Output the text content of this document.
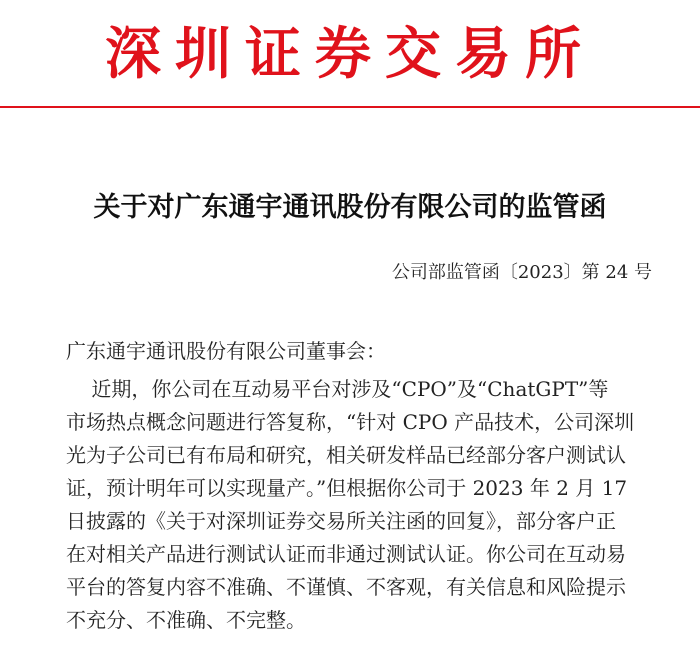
深圳证券交易所
关于对广东通宇通讯股份有限公司的监管函
公司部监管函〔2023〕第 24 号
广东通宇通讯股份有限公司董事会：
近期，你公司在互动易平台对涉及“CPO”及“ChatGPT”等
市场热点概念问题进行答复称，“针对 CPO 产品技术，公司深圳
光为子公司已有布局和研究，相关研发样品已经部分客户测试认
证，预计明年可以实现量产。”但根据你公司于 2023 年 2 月 17
日披露的《关于对深圳证券交易所关注函的回复》，部分客户正
在对相关产品进行测试认证而非通过测试认证。你公司在互动易
平台的答复内容不准确、不谨慎、不客观，有关信息和风险提示
不充分、不准确、不完整。
